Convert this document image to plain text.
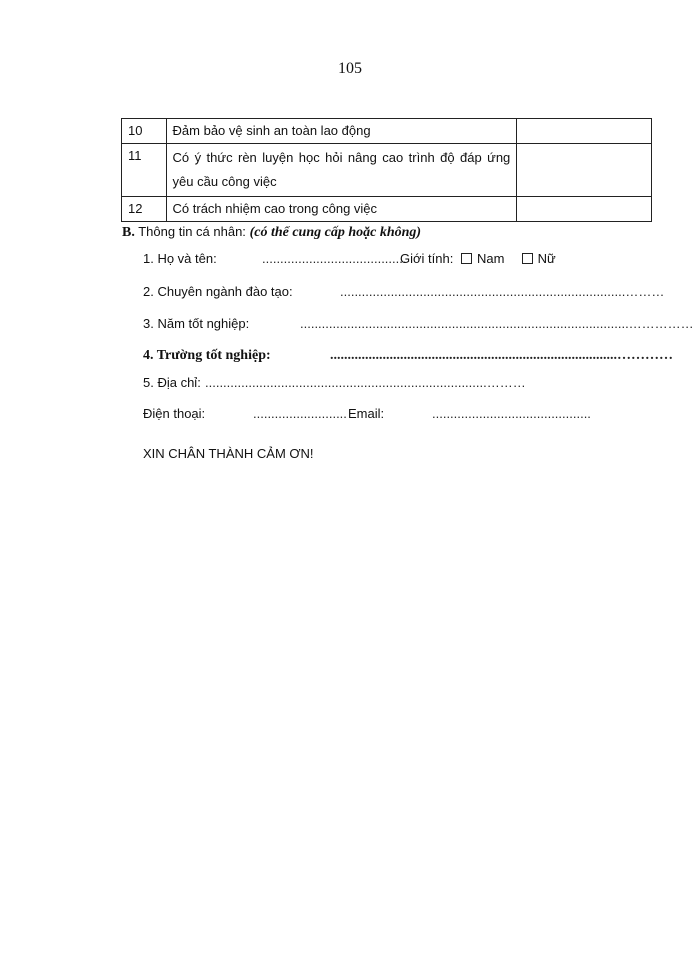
105
10	Đảm bảo vệ sinh an toàn lao động	
11	Có ý thức rèn luyện học hỏi nâng cao trình độ đáp ứng
yêu cầu công việc	

12	Có trách nhiệm cao trong công việc	
B. Thông tin cá nhân: (có thể cung cấp hoặc không)
1. Họ và tên:	........................................
Giới tính: Nam	Nữ
2. Chuyên ngành đào tạo:	...............................................................................………
3. Năm tốt nghiệp:	...........................................................................................……………
4. Trường tốt nghiệp:	..................................................................................…………
5. Địa chỉ: ..............................................................................………
Điện thoại:	.......................... Email:	............................................
XIN CHÂN THÀNH CẢM ƠN!
